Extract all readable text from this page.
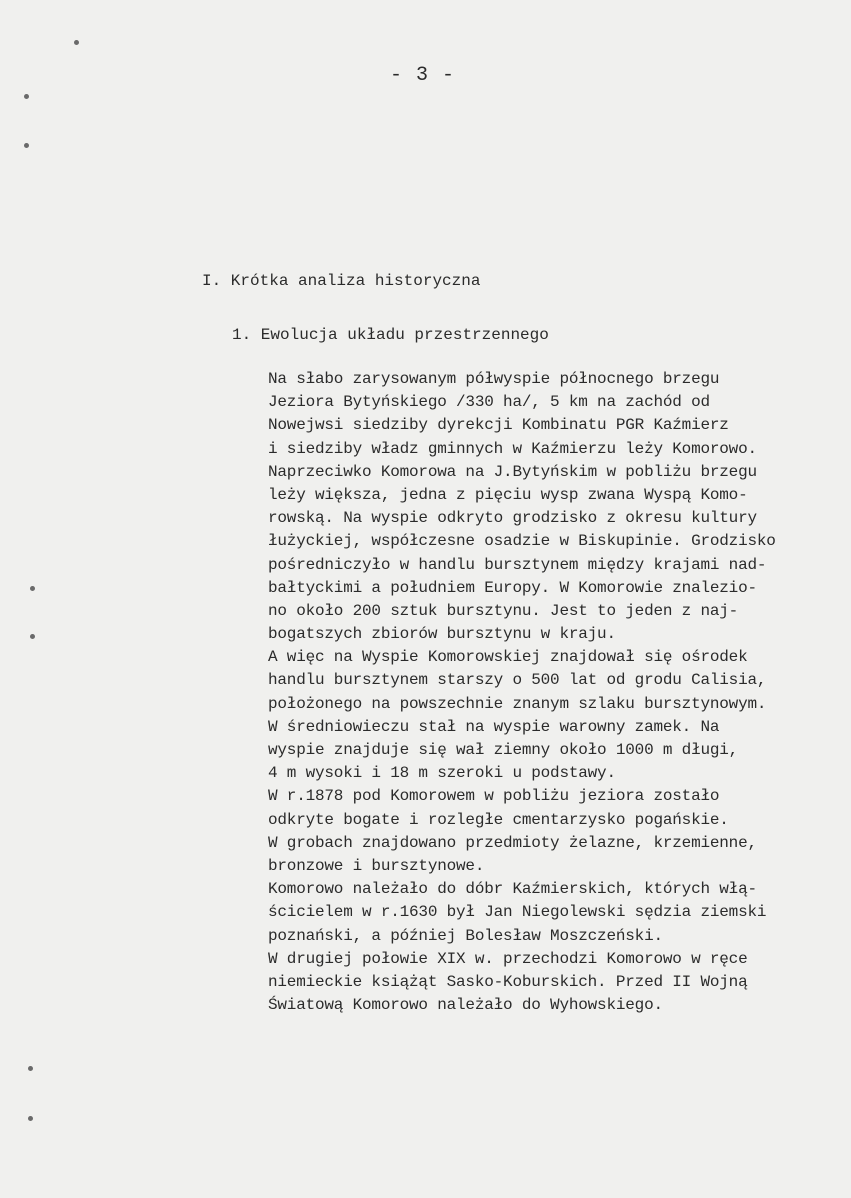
- 3 -
I. Krótka analiza historyczna
1. Ewolucja układu przestrzennego
Na słabo zarysowanym półwyspie północnego brzegu
Jeziora Bytyńskiego /330 ha/, 5 km na zachód od
Nowejwsi siedziby dyrekcji Kombinatu PGR Kaźmierz
i siedziby władz gminnych w Kaźmierzu leży Komorowo.
Naprzeciwko Komorowa na J.Bytyńskim w pobliżu brzegu
leży większa, jedna z pięciu wysp zwana Wyspą Komo-
rowską. Na wyspie odkryto grodzisko z okresu kultury
łużyckiej, współczesne osadzie w Biskupinie. Grodzisko
pośredniczyło w handlu bursztynem między krajami nad-
bałtyckimi a południem Europy. W Komorowie znalezio-
no około 200 sztuk bursztynu. Jest to jeden z naj-
bogatszych zbiorów bursztynu w kraju.
A więc na Wyspie Komorowskiej znajdował się ośrodek
handlu bursztynem starszy o 500 lat od grodu Calisia,
położonego na powszechnie znanym szlaku bursztynowym.
W średniowieczu stał na wyspie warowny zamek. Na
wyspie znajduje się wał ziemny około 1000 m długi,
4 m wysoki i 18 m szeroki u podstawy.
W r.1878 pod Komorowem w pobliżu jeziora zostało
odkryte bogate i rozległe cmentarzysko pogańskie.
W grobach znajdowano przedmioty żelazne, krzemienne,
bronzowe i bursztynowe.
Komorowo należało do dóbr Kaźmierskich, których włą-
ścicielem w r.1630 był Jan Niegolewski sędzia ziemski
poznański, a później Bolesław Moszczeński.
W drugiej połowie XIX w. przechodzi Komorowo w ręce
niemieckie książąt Sasko-Koburskich. Przed II Wojną
Światową Komorowo należało do Wyhowskiego.
